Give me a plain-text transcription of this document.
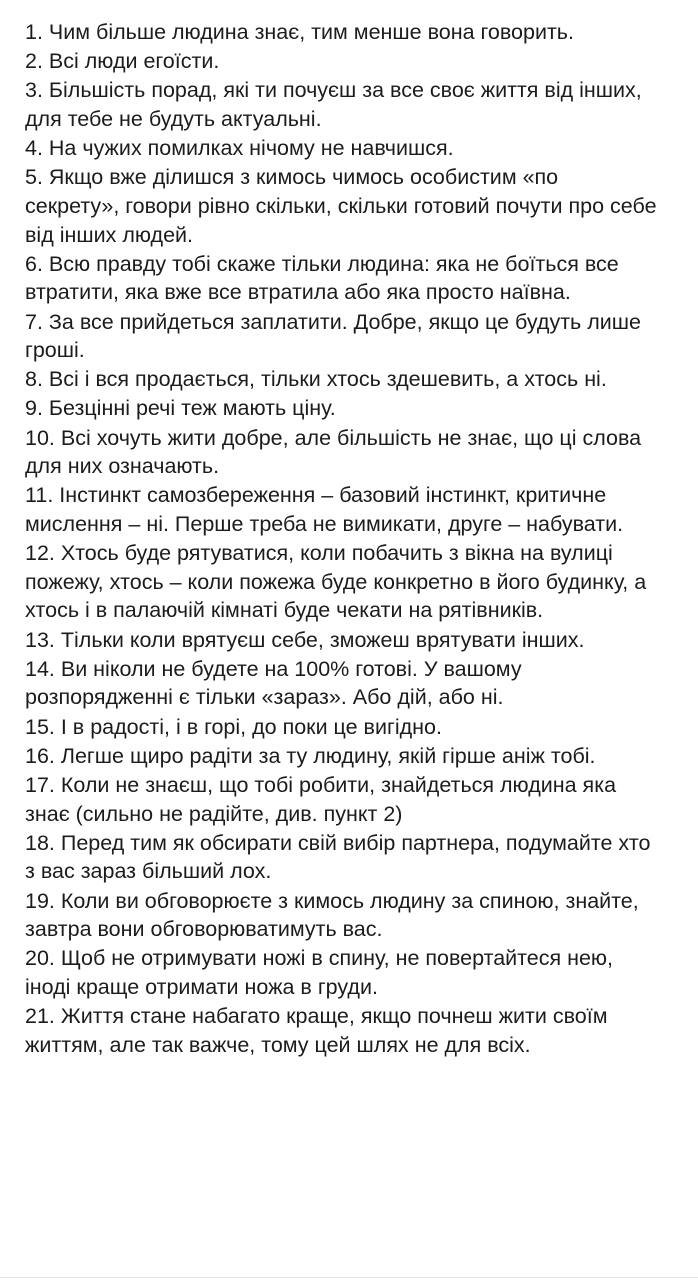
1. Чим більше людина знає, тим менше вона говорить.
2. Всі люди егоїсти.
3. Більшість порад, які ти почуєш за все своє життя від інших, для тебе не будуть актуальні.
4. На чужих помилках нічому не навчишся.
5. Якщо вже ділишся з кимось чимось особистим «по секрету», говори рівно скільки, скільки готовий почути про себе від інших людей.
6. Всю правду тобі скаже тільки людина: яка не боїться все втратити, яка вже все втратила або яка просто наївна.
7. За все прийдеться заплатити. Добре, якщо це будуть лише гроші.
8. Всі і вся продається, тільки хтось здешевить, а хтось ні.
9. Безцінні речі теж мають ціну.
10. Всі хочуть жити добре, але більшість не знає, що ці слова для них означають.
11. Інстинкт самозбереження – базовий інстинкт, критичне мислення – ні. Перше треба не вимикати, друге – набувати.
12. Хтось буде рятуватися, коли побачить з вікна на вулиці пожежу, хтось – коли пожежа буде конкретно в його будинку, а хтось і в палаючій кімнаті буде чекати на рятівників.
13. Тільки коли врятуєш себе, зможеш врятувати інших.
14. Ви ніколи не будете на 100% готові. У вашому розпорядженні є тільки «зараз». Або дій, або ні.
15. І в радості, і в горі, до поки це вигідно.
16. Легше щиро радіти за ту людину, якій гірше аніж тобі.
17. Коли не знаєш, що тобі робити, знайдеться людина яка знає (сильно не радійте, див. пункт 2)
18. Перед тим як обсирати свій вибір партнера, подумайте хто з вас зараз більший лох.
19. Коли ви обговорюєте з кимось людину за спиною, знайте, завтра вони обговорюватимуть вас.
20. Щоб не отримувати ножі в спину, не повертайтеся нею, іноді краще отримати ножа в груди.
21. Життя стане набагато краще, якщо почнеш жити своїм життям, але так важче, тому цей шлях не для всіх.
